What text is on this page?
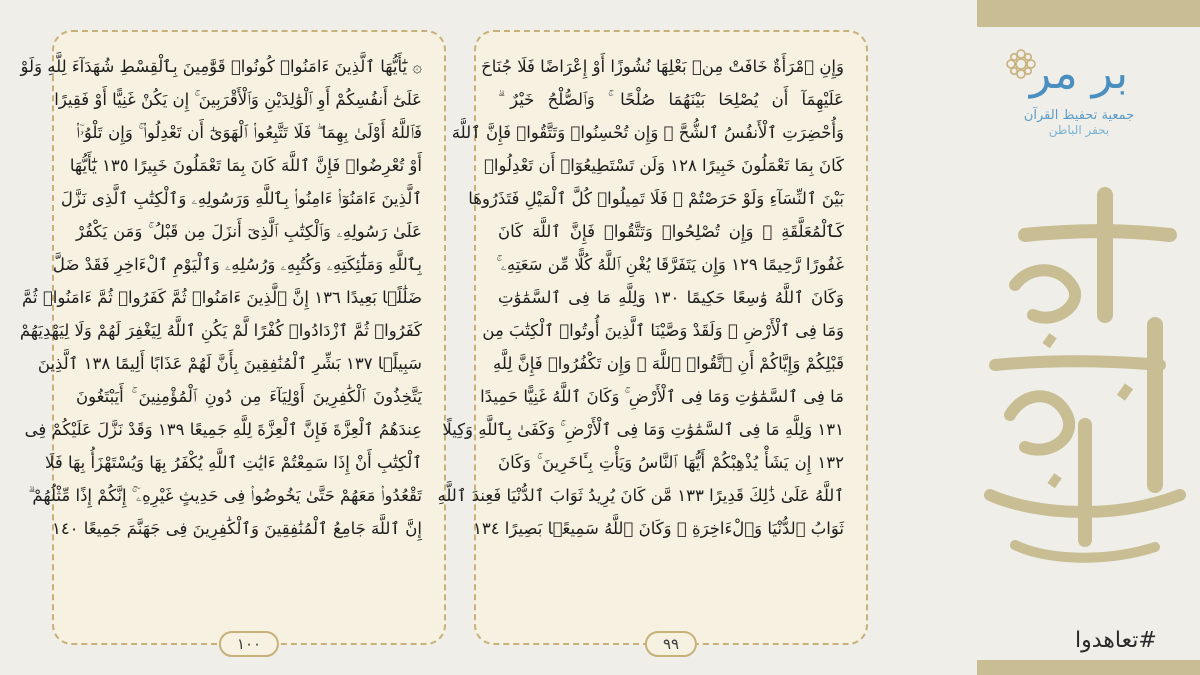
۞ يَٰٓأَيُّهَا ٱلَّذِينَ ءَامَنُوا۟ كُونُوا۟ قَوَّٰمِينَ بِٱلْقِسْطِ شُهَدَآءَ لِلَّهِ وَلَوْ
عَلَىٰٓ أَنفُسِكُمْ أَوِ ٱلْوَٰلِدَيْنِ وَٱلْأَقْرَبِينَ ۚ إِن يَكُنْ غَنِيًّا أَوْ فَقِيرًا
فَٱللَّهُ أَوْلَىٰ بِهِمَا ۖ فَلَا تَتَّبِعُوا۟ ٱلْهَوَىٰٓ أَن تَعْدِلُوا۟ ۚ وَإِن تَلْوُۥٓا۟
أَوْ تُعْرِضُوا۟ فَإِنَّ ٱللَّهَ كَانَ بِمَا تَعْمَلُونَ خَبِيرًا ١٣٥ يَٰٓأَيُّهَا
ٱلَّذِينَ ءَامَنُوٓا۟ ءَامِنُوا۟ بِٱللَّهِ وَرَسُولِهِۦ وَٱلْكِتَٰبِ ٱلَّذِى نَزَّلَ
عَلَىٰ رَسُولِهِۦ وَٱلْكِتَٰبِ ٱلَّذِىٓ أَنزَلَ مِن قَبْلُ ۚ وَمَن يَكْفُرْ
بِٱللَّهِ وَمَلَٰٓئِكَتِهِۦ وَكُتُبِهِۦ وَرُسُلِهِۦ وَٱلْيَوْمِ ٱلْءَاخِرِ فَقَدْ ضَلَّ
ضَلَٰلًۢا بَعِيدًا ١٣٦ إِنَّ ٱلَّذِينَ ءَامَنُوا۟ ثُمَّ كَفَرُوا۟ ثُمَّ ءَامَنُوا۟ ثُمَّ
كَفَرُوا۟ ثُمَّ ٱزْدَادُوا۟ كُفْرًا لَّمْ يَكُنِ ٱللَّهُ لِيَغْفِرَ لَهُمْ وَلَا لِيَهْدِيَهُمْ
سَبِيلًۢا ١٣٧ بَشِّرِ ٱلْمُنَٰفِقِينَ بِأَنَّ لَهُمْ عَذَابًا أَلِيمًا ١٣٨ ٱلَّذِينَ
يَتَّخِذُونَ ٱلْكَٰفِرِينَ أَوْلِيَآءَ مِن دُونِ ٱلْمُؤْمِنِينَ ۚ أَيَبْتَغُونَ
عِندَهُمُ ٱلْعِزَّةَ فَإِنَّ ٱلْعِزَّةَ لِلَّهِ جَمِيعًا ١٣٩ وَقَدْ نَزَّلَ عَلَيْكُمْ فِى
ٱلْكِتَٰبِ أَنْ إِذَا سَمِعْتُمْ ءَايَٰتِ ٱللَّهِ يُكْفَرُ بِهَا وَيُسْتَهْزَأُ بِهَا فَلَا
تَقْعُدُوا۟ مَعَهُمْ حَتَّىٰ يَخُوضُوا۟ فِى حَدِيثٍ غَيْرِهِۦٓ ۚ إِنَّكُمْ إِذًا مِّثْلُهُمْ ۗ
إِنَّ ٱللَّهَ جَامِعُ ٱلْمُنَٰفِقِينَ وَٱلْكَٰفِرِينَ فِى جَهَنَّمَ جَمِيعًا ١٤٠
١٠٠
وَإِنِ ٱمْرَأَةٌ خَافَتْ مِنۢ بَعْلِهَا نُشُوزًا أَوْ إِعْرَاضًا فَلَا جُنَاحَ
عَلَيْهِمَآ أَن يُصْلِحَا بَيْنَهُمَا صُلْحًا ۚ وَٱلصُّلْحُ خَيْرٌ ۗ
وَأُحْضِرَتِ ٱلْأَنفُسُ ٱلشُّحَّ ۚ وَإِن تُحْسِنُوا۟ وَتَتَّقُوا۟ فَإِنَّ ٱللَّهَ
كَانَ بِمَا تَعْمَلُونَ خَبِيرًا ١٢٨ وَلَن تَسْتَطِيعُوٓا۟ أَن تَعْدِلُوا۟
بَيْنَ ٱلنِّسَآءِ وَلَوْ حَرَصْتُمْ ۖ فَلَا تَمِيلُوا۟ كُلَّ ٱلْمَيْلِ فَتَذَرُوهَا
كَٱلْمُعَلَّقَةِ ۚ وَإِن تُصْلِحُوا۟ وَتَتَّقُوا۟ فَإِنَّ ٱللَّهَ كَانَ
غَفُورًا رَّحِيمًا ١٢٩ وَإِن يَتَفَرَّقَا يُغْنِ ٱللَّهُ كُلًّا مِّن سَعَتِهِۦ ۚ
وَكَانَ ٱللَّهُ وَٰسِعًا حَكِيمًا ١٣٠ وَلِلَّهِ مَا فِى ٱلسَّمَٰوَٰتِ
وَمَا فِى ٱلْأَرْضِ ۗ وَلَقَدْ وَصَّيْنَا ٱلَّذِينَ أُوتُوا۟ ٱلْكِتَٰبَ مِن
قَبْلِكُمْ وَإِيَّاكُمْ أَنِ ٱتَّقُوا۟ ٱللَّهَ ۚ وَإِن تَكْفُرُوا۟ فَإِنَّ لِلَّهِ
مَا فِى ٱلسَّمَٰوَٰتِ وَمَا فِى ٱلْأَرْضِ ۚ وَكَانَ ٱللَّهُ غَنِيًّا حَمِيدًا
١٣١ وَلِلَّهِ مَا فِى ٱلسَّمَٰوَٰتِ وَمَا فِى ٱلْأَرْضِ ۚ وَكَفَىٰ بِٱللَّهِ وَكِيلًا
١٣٢ إِن يَشَأْ يُذْهِبْكُمْ أَيُّهَا ٱلنَّاسُ وَيَأْتِ بِـَٔاخَرِينَ ۚ وَكَانَ
ٱللَّهُ عَلَىٰ ذَٰلِكَ قَدِيرًا ١٣٣ مَّن كَانَ يُرِيدُ ثَوَابَ ٱلدُّنْيَا فَعِندَ ٱللَّهِ
ثَوَابُ ٱلدُّنْيَا وَٱلْءَاخِرَةِ ۚ وَكَانَ ٱللَّهُ سَمِيعًۢا بَصِيرًا ١٣٤
٩٩
بر مر
جمعية تحفيظ القرآن
بحفر الباطن
#تعاهدوا
